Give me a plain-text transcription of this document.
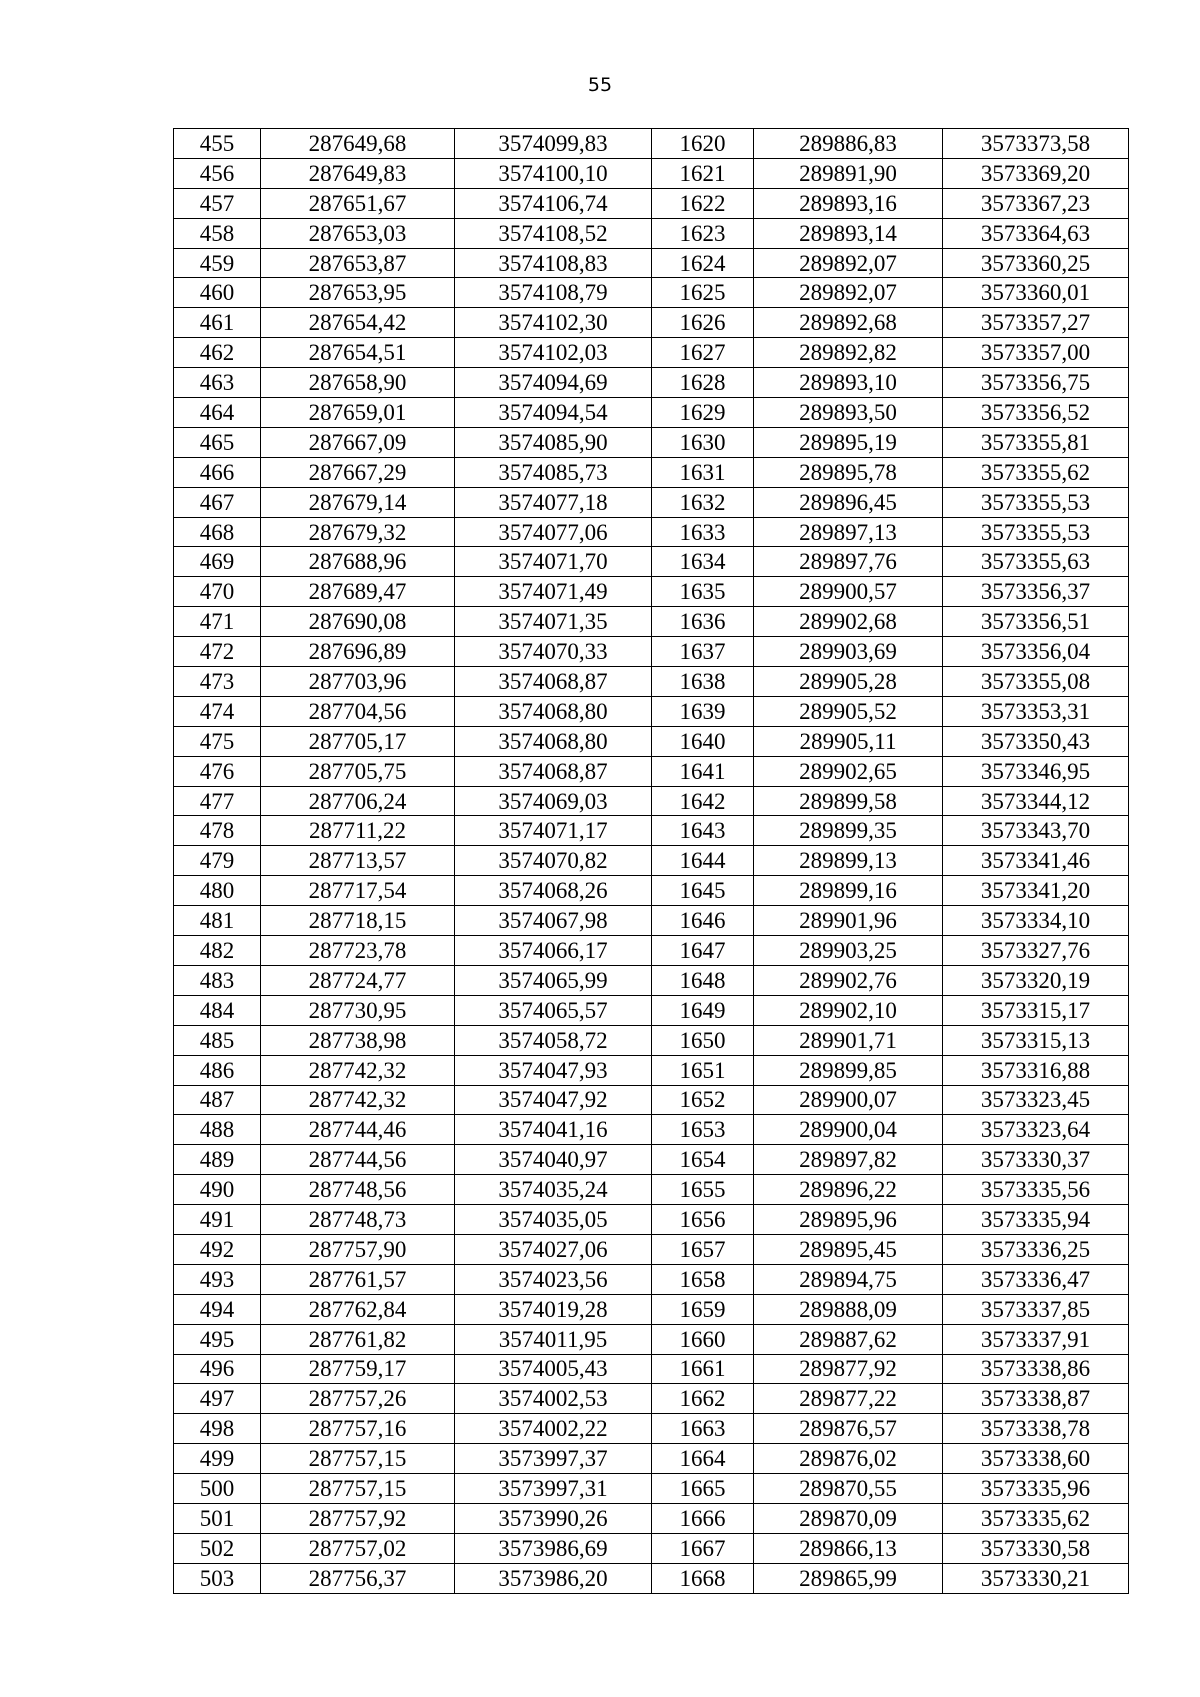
55
455	287649,68	3574099,83	1620	289886,83	3573373,58
456	287649,83	3574100,10	1621	289891,90	3573369,20
457	287651,67	3574106,74	1622	289893,16	3573367,23
458	287653,03	3574108,52	1623	289893,14	3573364,63
459	287653,87	3574108,83	1624	289892,07	3573360,25
460	287653,95	3574108,79	1625	289892,07	3573360,01
461	287654,42	3574102,30	1626	289892,68	3573357,27
462	287654,51	3574102,03	1627	289892,82	3573357,00
463	287658,90	3574094,69	1628	289893,10	3573356,75
464	287659,01	3574094,54	1629	289893,50	3573356,52
465	287667,09	3574085,90	1630	289895,19	3573355,81
466	287667,29	3574085,73	1631	289895,78	3573355,62
467	287679,14	3574077,18	1632	289896,45	3573355,53
468	287679,32	3574077,06	1633	289897,13	3573355,53
469	287688,96	3574071,70	1634	289897,76	3573355,63
470	287689,47	3574071,49	1635	289900,57	3573356,37
471	287690,08	3574071,35	1636	289902,68	3573356,51
472	287696,89	3574070,33	1637	289903,69	3573356,04
473	287703,96	3574068,87	1638	289905,28	3573355,08
474	287704,56	3574068,80	1639	289905,52	3573353,31
475	287705,17	3574068,80	1640	289905,11	3573350,43
476	287705,75	3574068,87	1641	289902,65	3573346,95
477	287706,24	3574069,03	1642	289899,58	3573344,12
478	287711,22	3574071,17	1643	289899,35	3573343,70
479	287713,57	3574070,82	1644	289899,13	3573341,46
480	287717,54	3574068,26	1645	289899,16	3573341,20
481	287718,15	3574067,98	1646	289901,96	3573334,10
482	287723,78	3574066,17	1647	289903,25	3573327,76
483	287724,77	3574065,99	1648	289902,76	3573320,19
484	287730,95	3574065,57	1649	289902,10	3573315,17
485	287738,98	3574058,72	1650	289901,71	3573315,13
486	287742,32	3574047,93	1651	289899,85	3573316,88
487	287742,32	3574047,92	1652	289900,07	3573323,45
488	287744,46	3574041,16	1653	289900,04	3573323,64
489	287744,56	3574040,97	1654	289897,82	3573330,37
490	287748,56	3574035,24	1655	289896,22	3573335,56
491	287748,73	3574035,05	1656	289895,96	3573335,94
492	287757,90	3574027,06	1657	289895,45	3573336,25
493	287761,57	3574023,56	1658	289894,75	3573336,47
494	287762,84	3574019,28	1659	289888,09	3573337,85
495	287761,82	3574011,95	1660	289887,62	3573337,91
496	287759,17	3574005,43	1661	289877,92	3573338,86
497	287757,26	3574002,53	1662	289877,22	3573338,87
498	287757,16	3574002,22	1663	289876,57	3573338,78
499	287757,15	3573997,37	1664	289876,02	3573338,60
500	287757,15	3573997,31	1665	289870,55	3573335,96
501	287757,92	3573990,26	1666	289870,09	3573335,62
502	287757,02	3573986,69	1667	289866,13	3573330,58
503	287756,37	3573986,20	1668	289865,99	3573330,21
